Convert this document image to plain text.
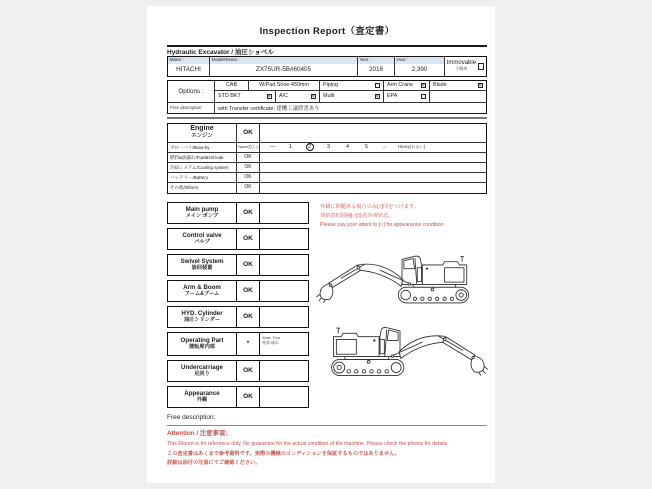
Inspection Report（査定書）
Hydraulic Excavator / 油圧ショベル
Maker :
HITACHI
Model#Serial :
ZX75UR-5B#60405
Year :
2016
Hour :
2,390
Immovable
不動車
Options :
CAB	W/Pad Shoe 450mm	Piping	Arm Crane × Blade	×
STD BKT	× A/C	× Multi	× EPA
Free description	with Transfer certificate: 建機工譲渡書あり
Engine
エンジン	OK
ブローバイ/Blow-by	None(なし)	—	1	2	3	4	5	→	Heavy(おおい)
燃料&油漏れ/Fuel&Oil leak	OK
冷却システム/Cooling system	OK
バッテリー/Battery	OK
その他/Others	OK
Main pump
メイン ポンプ	OK
Control valve
バルブ	OK
Swivel System
旋回装置	OK
Arm & Boom
アーム&ブーム	OK
HYD. Cylinder
油圧シリンダー	OK
Operating Part
運転席内部	*
Seat: Torn
座席:破れ
Undercarriage
足回り	OK
Appearance
外観	OK
Free description:
Attention / 注意事項：
This Report is for reference only. No guarantee for the actual condition of the machine. Please check the photos for details.
この査定書はあくまで参考資料です。実際の機械のコンディションを保証するものではありません。
詳細は添付の写真にてご確認ください。
外観に問題ある場合のみ[○]印をつけます。
请留意红圆圈[○]处的外观状态。
Please pay your attent to [○] for appearance condition.
